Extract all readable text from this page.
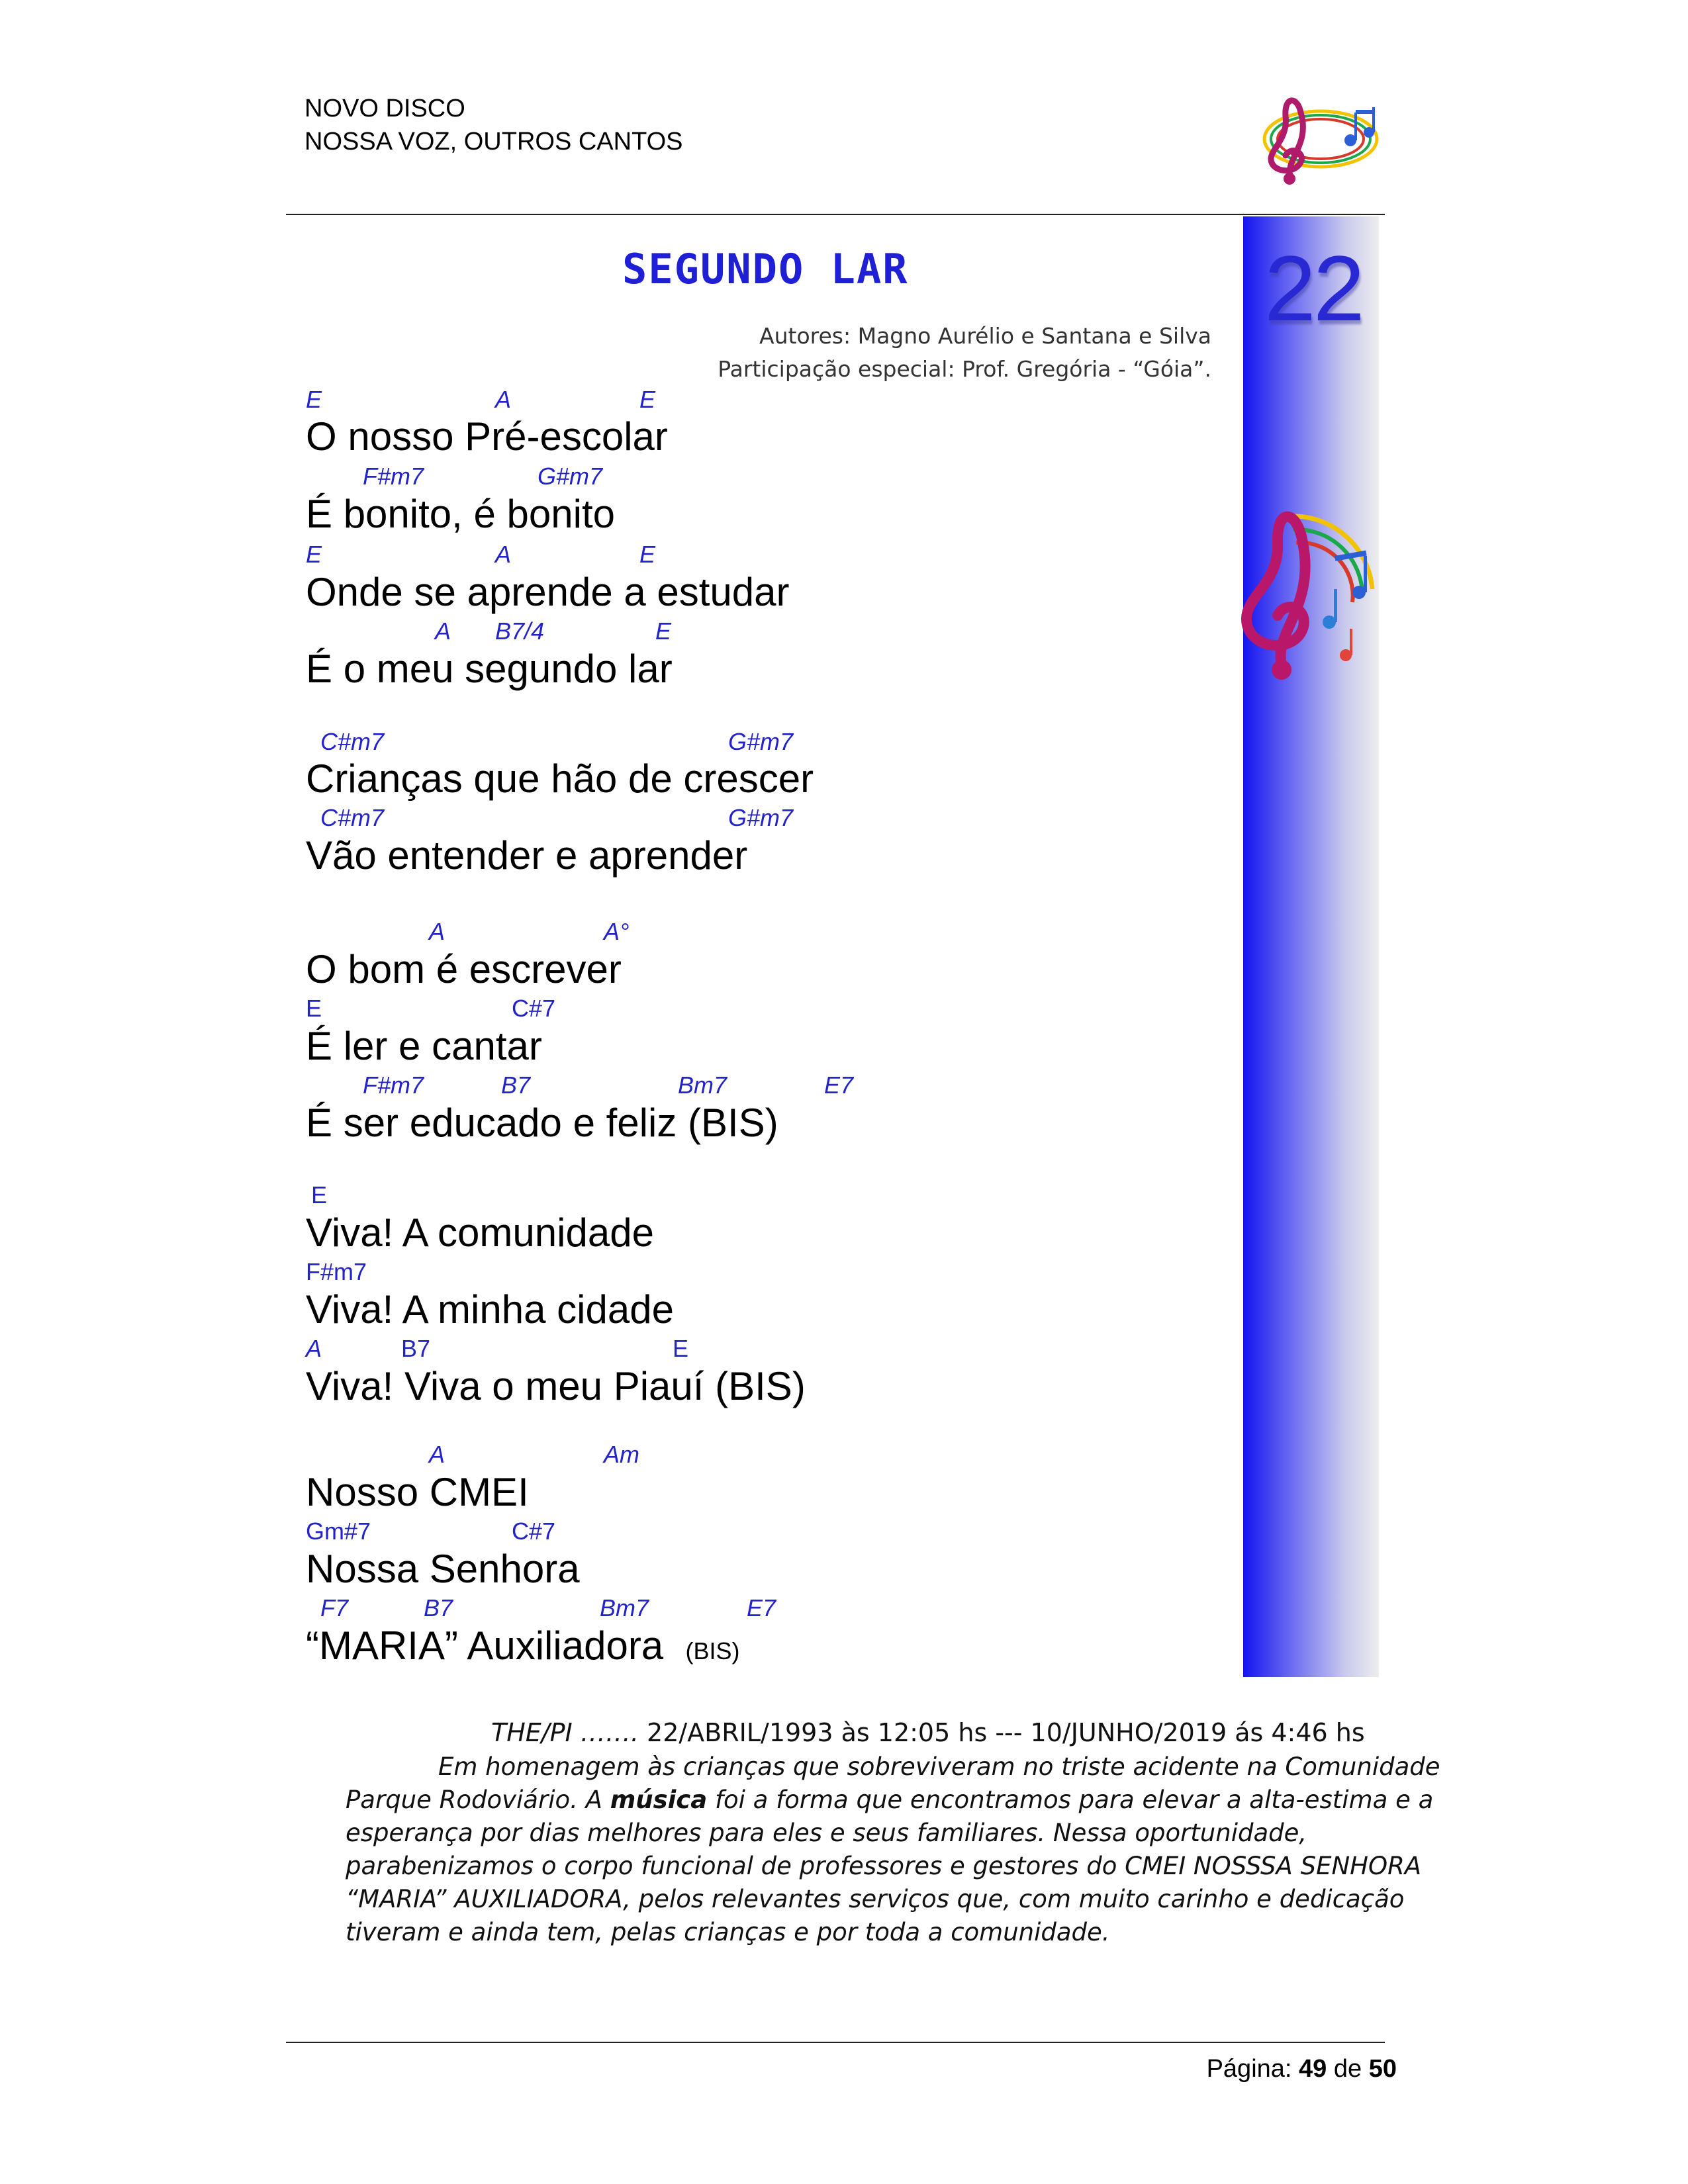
NOVO DISCO
NOSSA VOZ, OUTROS CANTOS
22
SEGUNDO LAR
Autores: Magno Aurélio e Santana e Silva
Participação especial: Prof. Gregória - “Góia”.
E	A	E
O nosso Pré-escolar
F#m7	G#m7
É bonito, é bonito
E	A	E
Onde se aprende a estudar
A B7/4	E
É o meu segundo lar
C#m7	G#m7
Crianças que hão de crescer
C#m7	G#m7
Vão entender e aprender
A	A°
O bom é escrever
E	C#7
É ler e cantar
F#m7	B7	Bm7	E7
É ser educado e feliz (BIS)
E
Viva! A comunidade
F#m7
Viva! A minha cidade
A	B7	E
Viva! Viva o meu Piauí (BIS)
A	Am
Nosso CMEI
Gm#7	C#7
Nossa Senhora
F7	B7	Bm7	E7
“MARIA” Auxiliadora (BIS)
THE/PI ……. 22/ABRIL/1993 às 12:05 hs --- 10/JUNHO/2019 ás 4:46 hs
Em homenagem às crianças que sobreviveram no triste acidente na Comunidade
Parque Rodoviário. A música foi a forma que encontramos para elevar a alta-estima e a
esperança por dias melhores para eles e seus familiares. Nessa oportunidade,
parabenizamos o corpo funcional de professores e gestores do CMEI NOSSSA SENHORA
“MARIA” AUXILIADORA, pelos relevantes serviços que, com muito carinho e dedicação
tiveram e ainda tem, pelas crianças e por toda a comunidade.
Página: 49 de 50
